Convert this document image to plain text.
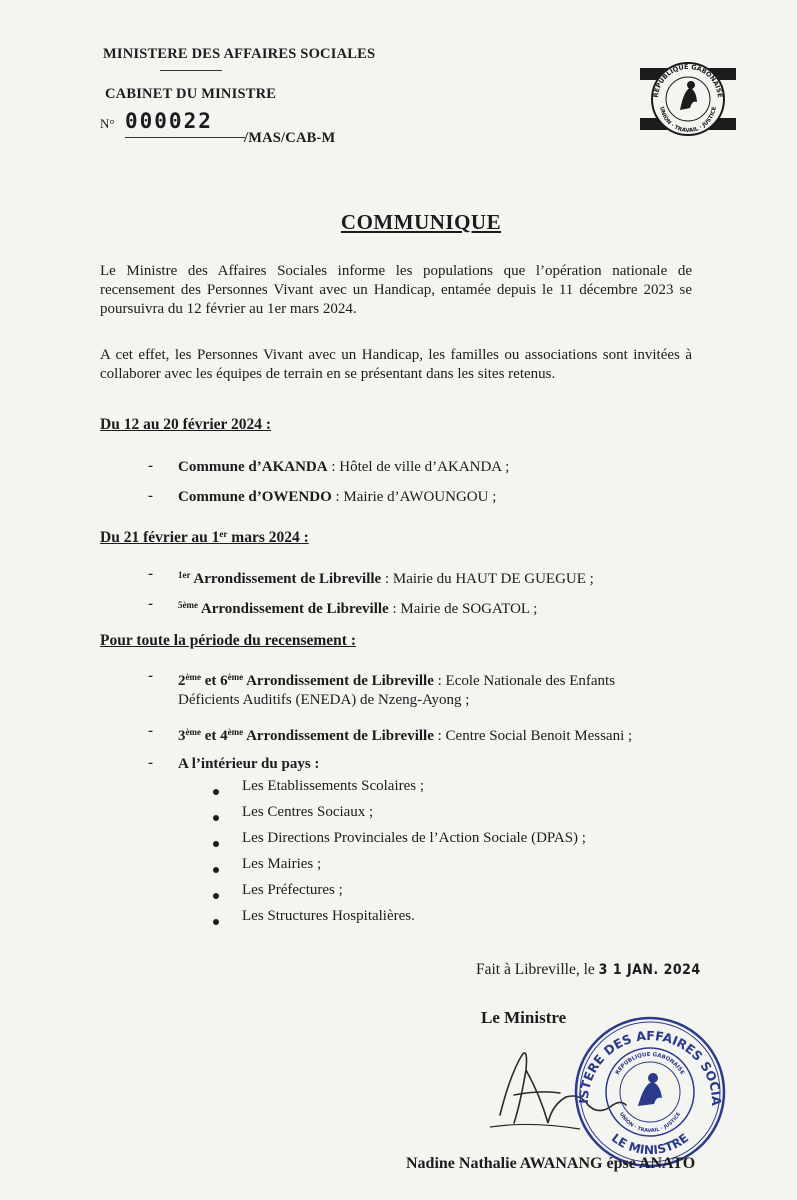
MINISTERE DES AFFAIRES SOCIALES
CABINET DU MINISTRE
N° 000022
/MAS/CAB-M
REPUBLIQUE GABONAISE
UNION · TRAVAIL · JUSTICE
COMMUNIQUE
Le Ministre des Affaires Sociales informe les populations que l’opération nationale de recensement des Personnes Vivant avec un Handicap, entamée depuis le 11 décembre 2023 se poursuivra du 12 février au 1er mars 2024.
A cet effet, les Personnes Vivant avec un Handicap, les familles ou associations sont invitées à collaborer avec les équipes de terrain en se présentant dans les sites retenus.
Du 12 au 20 février 2024 :
- Commune d’AKANDA : Hôtel de ville d’AKANDA ;
- Commune d’OWENDO : Mairie d’AWOUNGOU ;
Du 21 février au 1er mars 2024 :
-	$^{1er}$ Arrondissement de Libreville : Mairie du HAUT DE GUEGUE ;
-	$^{5ème}$ Arrondissement de Libreville : Mairie de SOGATOL ;
Pour toute la période du recensement :
- 2ème et 6ème Arrondissement de Libreville : Ecole Nationale des Enfants
Déficients Auditifs (ENEDA) de Nzeng-Ayong ;
- 3ème et 4ème Arrondissement de Libreville : Centre Social Benoit Messani ;
- A l’intérieur du pays :
Les Etablissements Scolaires ;
Les Centres Sociaux ;
Les Directions Provinciales de l’Action Sociale (DPAS) ;
Les Mairies ;
Les Préfectures ;
Les Structures Hospitalières.
Fait à Libreville, le 3 1 JAN. 2024
Le Ministre
ISTERE DES AFFAIRES SOCIA
REPUBLIQUE GABONAISE
UNION · TRAVAIL · JUSTICE
LE MINISTRE
Nadine Nathalie AWANANG épse ANATO
